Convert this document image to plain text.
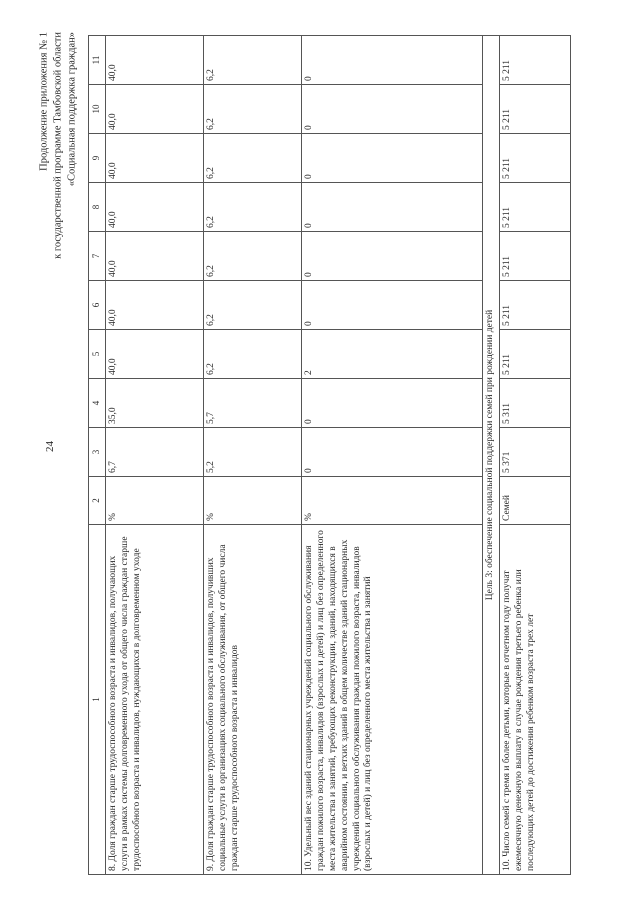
24
Продолжение приложения № 1 к государственной программе Тамбовской области «Социальная поддержка граждан»
1	2	3	4	5	6	7	8	9	10	11
8. Доля граждан старше трудоспособного возраста и инвалидов, получающих услуги в рамках системы долговременного ухода от общего числа граждан старше трудоспособного возраста и инвалидов, нуждающихся в долговременном уходе	%	6,7	35,0	40,0	40,0	40,0	40,0	40,0	40,0	40,0
9. Доля граждан старше трудоспособного возраста и инвалидов, получивших социальные услуги в организациях социального обслуживания, от общего числа граждан старше трудоспособного возраста и инвалидов	%	5,2	5,7	6,2	6,2	6,2	6,2	6,2	6,2	6,2
10. Удельный вес зданий стационарных учреждений социального обслуживания граждан пожилого возраста, инвалидов (взрослых и детей) и лиц без определенного места жительства и занятий, требующих реконструкции, зданий, находящихся в аварийном состоянии, и ветхих зданий в общем количестве зданий стационарных учреждений социального обслуживания граждан пожилого возраста, инвалидов (взрослых и детей) и лиц без определенного места жительства и занятий	%	0	0	2	0	0	0	0	0	0
Цель 3: обеспечение социальной поддержки семей при рождении детей										
10. Число семей с тремя и более детьми, которые в отчетном году получат ежемесячную денежную выплату в случае рождения третьего ребенка или последующих детей до достижения ребенком возраста трех лет	Семей	5 371	5 311	5 211	5 211	5 211	5 211	5 211	5 211	5 211
